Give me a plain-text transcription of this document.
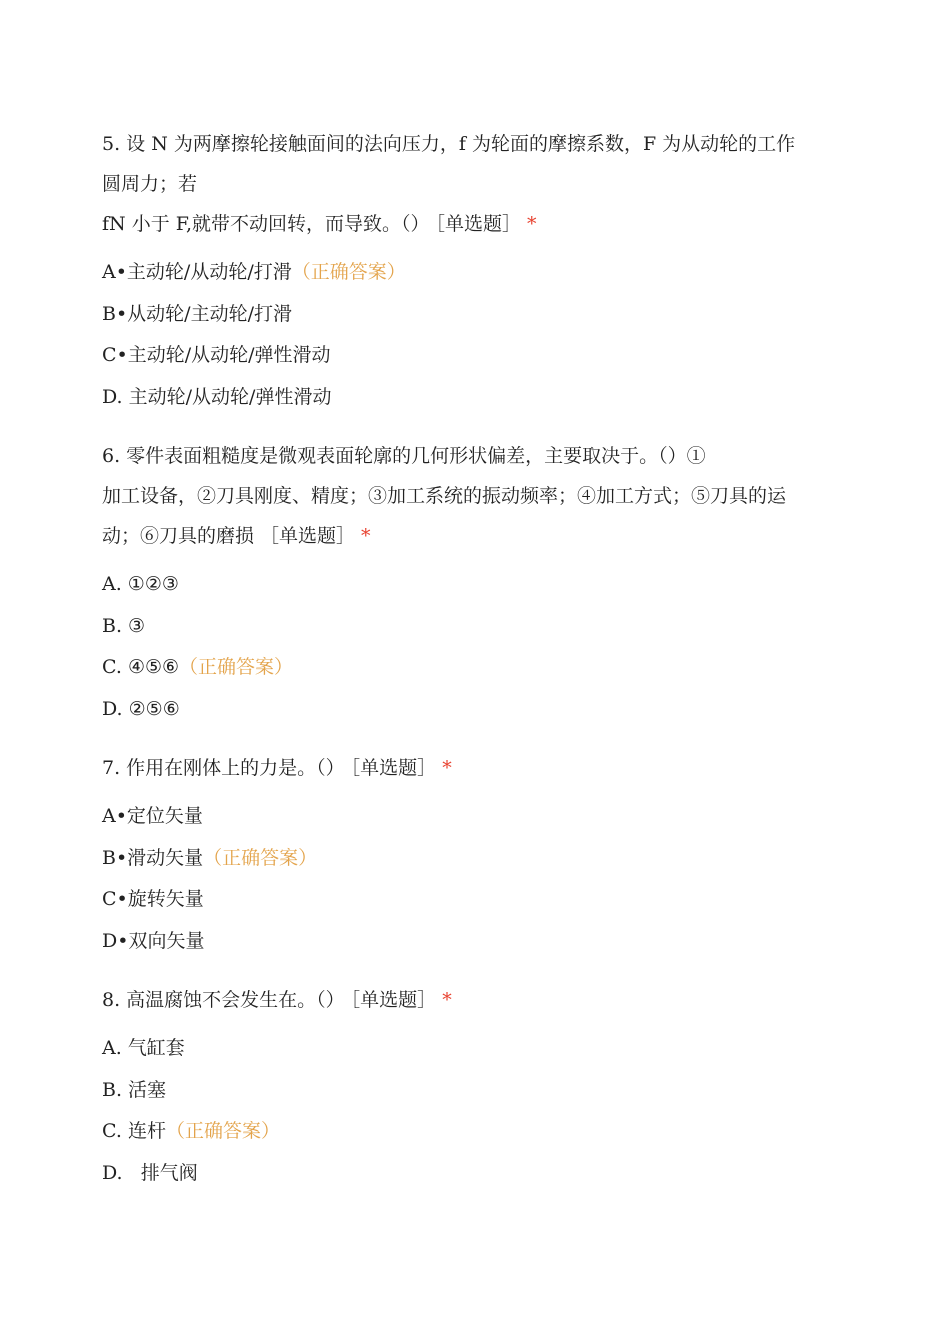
5. 设 N 为两摩擦轮接触面间的法向压力，f 为轮面的摩擦系数，F 为从动轮的工作
圆周力；若
fN 小于 F,就带不动回转，而导致。（） ［单选题］ *
A•主动轮/从动轮/打滑（正确答案）
B•从动轮/主动轮/打滑
C•主动轮/从动轮/弹性滑动
D. 主动轮/从动轮/弹性滑动
6. 零件表面粗糙度是微观表面轮廓的几何形状偏差，主要取决于。（）①
加工设备，②刀具刚度、精度；③加工系统的振动频率；④加工方式；⑤刀具的运
动；⑥刀具的磨损 ［单选题］ *
A. ①②③
B. ③
C. ④⑤⑥（正确答案）
D. ②⑤⑥
7. 作用在刚体上的力是。（） ［单选题］ *
A•定位矢量
B•滑动矢量（正确答案）
C•旋转矢量
D•双向矢量
8. 高温腐蚀不会发生在。（） ［单选题］ *
A. 气缸套
B. 活塞
C. 连杆（正确答案）
D.   排气阀
